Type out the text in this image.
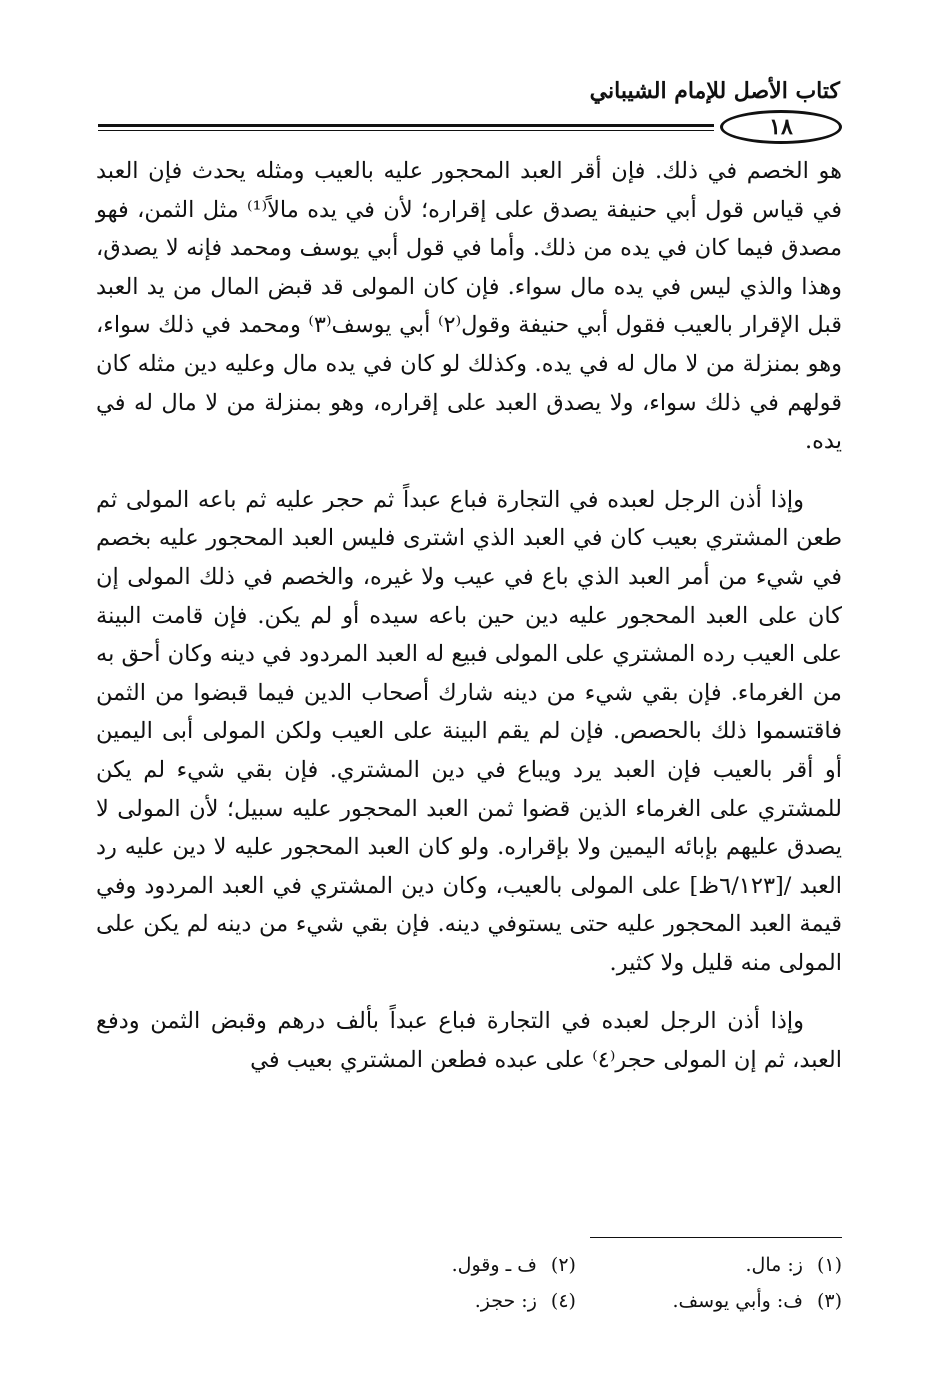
كتاب الأصل للإمام الشيباني
١٨

هو الخصم في ذلك. فإن أقر العبد المحجور عليه بالعيب ومثله يحدث فإن العبد في قياس قول أبي حنيفة يصدق على إقراره؛ لأن في يده مالاً⁽¹⁾ مثل الثمن، فهو مصدق فيما كان في يده من ذلك. وأما في قول أبي يوسف ومحمد فإنه لا يصدق، وهذا والذي ليس في يده مال سواء. فإن كان المولى قد قبض المال من يد العبد قبل الإقرار بالعيب فقول أبي حنيفة وقول⁽٢⁾ أبي يوسف⁽٣⁾ ومحمد في ذلك سواء، وهو بمنزلة من لا مال له في يده. وكذلك لو كان في يده مال وعليه دين مثله كان قولهم في ذلك سواء، ولا يصدق العبد على إقراره، وهو بمنزلة من لا مال له في يده.

وإذا أذن الرجل لعبده في التجارة فباع عبداً ثم حجر عليه ثم باعه المولى ثم طعن المشتري بعيب كان في العبد الذي اشترى فليس العبد المحجور عليه بخصم في شيء من أمر العبد الذي باع في عيب ولا غيره، والخصم في ذلك المولى إن كان على العبد المحجور عليه دين حين باعه سيده أو لم يكن. فإن قامت البينة على العيب رده المشتري على المولى فبيع له العبد المردود في دينه وكان أحق به من الغرماء. فإن بقي شيء من دينه شارك أصحاب الدين فيما قبضوا من الثمن فاقتسموا ذلك بالحصص. فإن لم يقم البينة على العيب ولكن المولى أبى اليمين أو أقر بالعيب فإن العبد يرد ويباع في دين المشتري. فإن بقي شيء لم يكن للمشتري على الغرماء الذين قضوا ثمن العبد المحجور عليه سبيل؛ لأن المولى لا يصدق عليهم بإبائه اليمين ولا بإقراره. ولو كان العبد المحجور عليه لا دين عليه رد العبد /[٦/١٢٣ظ] على المولى بالعيب، وكان دين المشتري في العبد المردود وفي قيمة العبد المحجور عليه حتى يستوفي دينه. فإن بقي شيء من دينه لم يكن على المولى منه قليل ولا كثير.

وإذا أذن الرجل لعبده في التجارة فباع عبداً بألف درهم وقبض الثمن ودفع العبد، ثم إن المولى حجر⁽٤⁾ على عبده فطعن المشتري بعيب في

(١)ز: مال.
(٣)ف: وأبي يوسف.

(٢)ف ـ وقول.
(٤)ز: حجز.
